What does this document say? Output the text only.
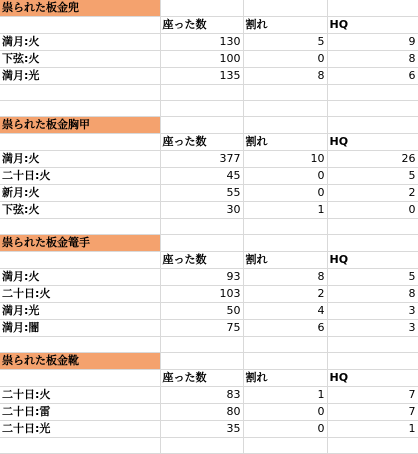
祟られた板金兜			
	座った数	割れ	HQ
満月:火	130	5	9
下弦:火	100	0	8
満月:光	135	8	6

祟られた板金胸甲			
	座った数	割れ	HQ
満月:火	377	10	26
二十日:火	45	0	5
新月:火	55	0	2
下弦:火	30	1	0

祟られた板金篭手			
	座った数	割れ	HQ
満月:火	93	8	5
二十日:火	103	2	8
満月:光	50	4	3
満月:闇	75	6	3

祟られた板金靴			
	座った数	割れ	HQ
二十日:火	83	1	7
二十日:雷	80	0	7
二十日:光	35	0	1
